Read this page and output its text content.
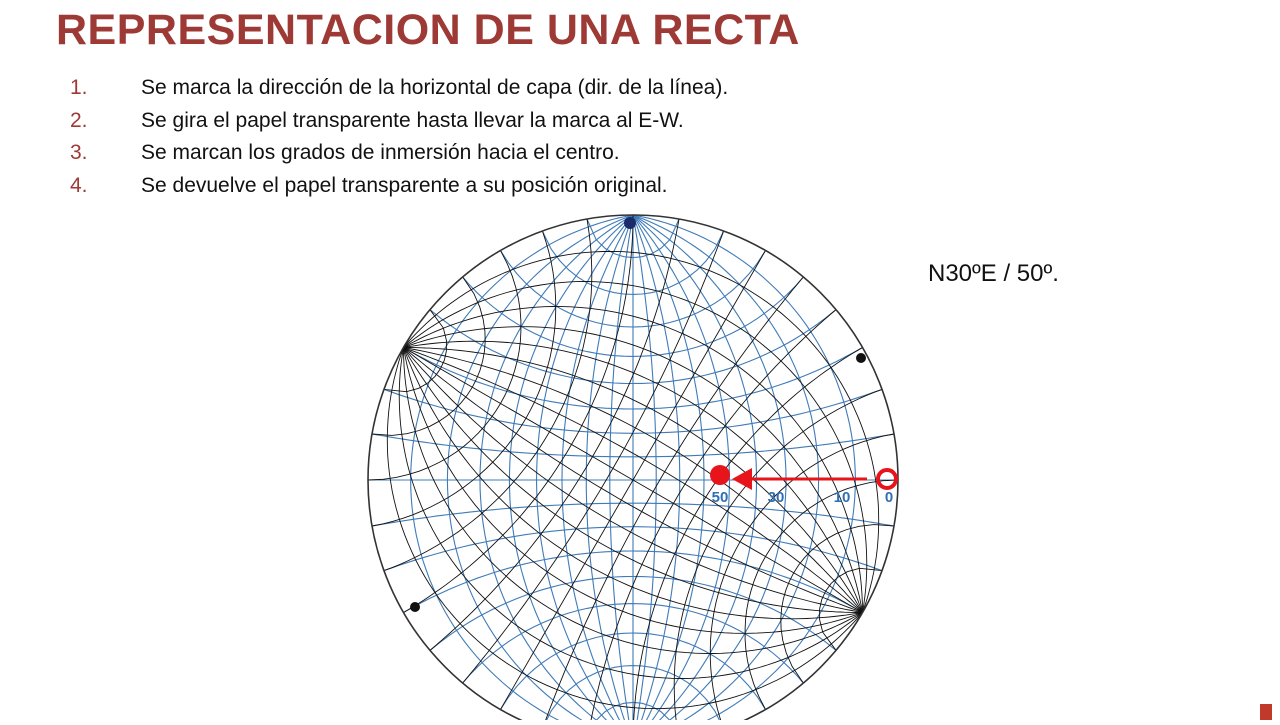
REPRESENTACION DE UNA RECTA
1.	Se marca la dirección de la horizontal de capa (dir. de la línea).
2.	Se gira el papel transparente hasta llevar la marca al E-W.
3.	Se marcan los grados de inmersión hacia el centro.
4.	Se devuelve el papel transparente a su posición original.
N30ºE / 50º.
50	30	10 0
